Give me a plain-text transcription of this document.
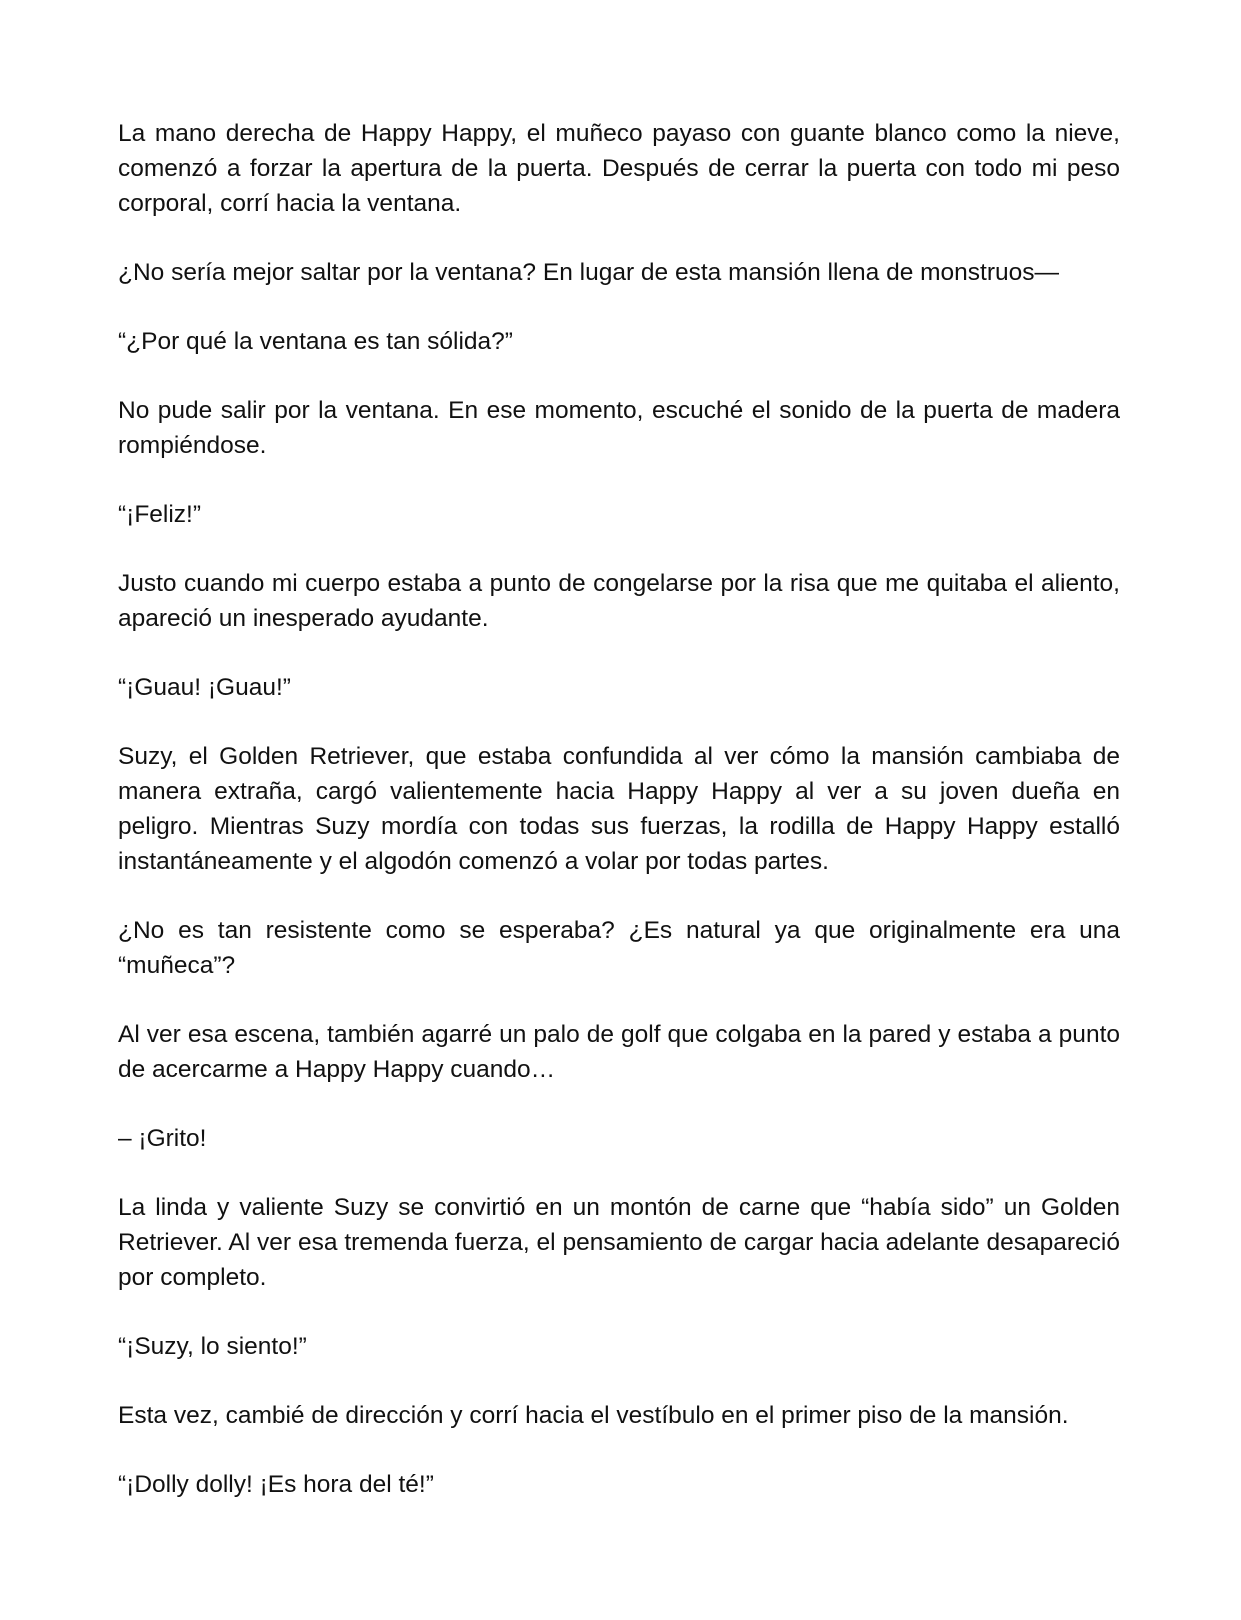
La mano derecha de Happy Happy, el muñeco payaso con guante blanco como la nieve, comenzó a forzar la apertura de la puerta. Después de cerrar la puerta con todo mi peso corporal, corrí hacia la ventana.

¿No sería mejor saltar por la ventana? En lugar de esta mansión llena de monstruos—

“¿Por qué la ventana es tan sólida?”

No pude salir por la ventana. En ese momento, escuché el sonido de la puerta de madera rompiéndose.

“¡Feliz!”

Justo cuando mi cuerpo estaba a punto de congelarse por la risa que me quitaba el aliento, apareció un inesperado ayudante.

“¡Guau! ¡Guau!”

Suzy, el Golden Retriever, que estaba confundida al ver cómo la mansión cambiaba de manera extraña, cargó valientemente hacia Happy Happy al ver a su joven dueña en peligro. Mientras Suzy mordía con todas sus fuerzas, la rodilla de Happy Happy estalló instantáneamente y el algodón comenzó a volar por todas partes.

¿No es tan resistente como se esperaba? ¿Es natural ya que originalmente era una “muñeca”?

Al ver esa escena, también agarré un palo de golf que colgaba en la pared y estaba a punto de acercarme a Happy Happy cuando…

– ¡Grito!

La linda y valiente Suzy se convirtió en un montón de carne que “había sido” un Golden Retriever. Al ver esa tremenda fuerza, el pensamiento de cargar hacia adelante desapareció por completo.

“¡Suzy, lo siento!”

Esta vez, cambié de dirección y corrí hacia el vestíbulo en el primer piso de la mansión.

“¡Dolly dolly! ¡Es hora del té!”
